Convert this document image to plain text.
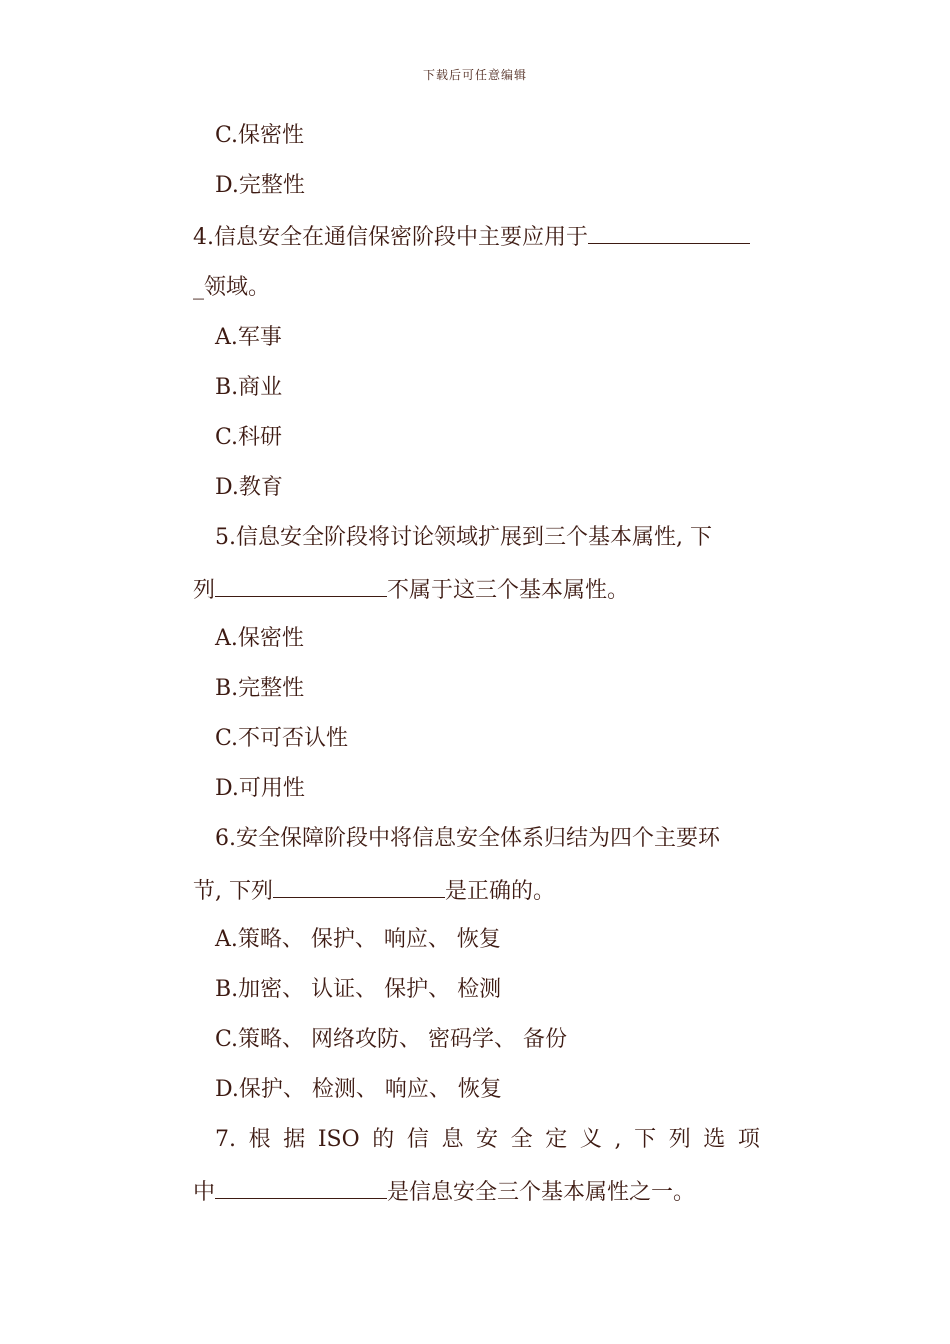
下载后可任意编辑
C.保密性
D.完整性
4.信息安全在通信保密阶段中主要应用于
_领域。
A.军事
B.商业
C.科研
D.教育
5.信息安全阶段将讨论领域扩展到三个基本属性, 下
列	不属于这三个基本属性。
A.保密性
B.完整性
C.不可否认性
D.可用性
6.安全保障阶段中将信息安全体系归结为四个主要环
节, 下列	是正确的。
A.策略、 保护、 响应、 恢复
B.加密、 认证、 保护、 检测
C.策略、 网络攻防、 密码学、 备份
D.保护、 检测、 响应、 恢复
7. 根 据 ISO 的 信 息 安 全 定 义 , 下 列 选 项
中	是信息安全三个基本属性之一。
